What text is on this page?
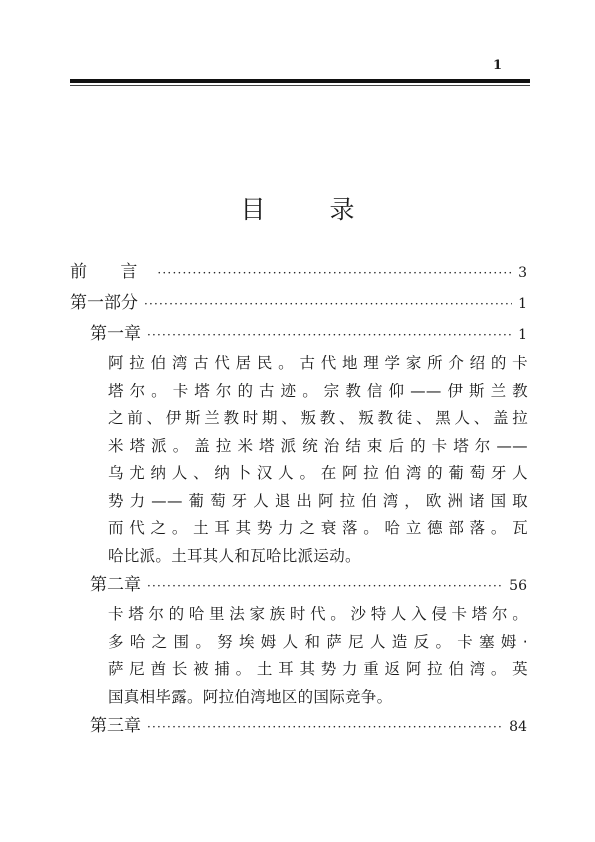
1
目 录
前 言 ·····	3
第一部分 ·····	1
第一章 ·····	1
阿拉伯湾古代居民。古代地理学家所介绍的卡
塔尔。卡塔尔的古迹。宗教信仰——伊斯兰教
之前、伊斯兰教时期、叛教、叛教徒、黑人、盖拉
米塔派。盖拉米塔派统治结束后的卡塔尔——
乌尤纳人、纳卜汉人。在阿拉伯湾的葡萄牙人
势力——葡萄牙人退出阿拉伯湾，欧洲诸国取
而代之。土耳其势力之衰落。哈立德部落。瓦
哈比派。土耳其人和瓦哈比派运动。
第二章 ·····	56
卡塔尔的哈里法家族时代。沙特人入侵卡塔尔。
多哈之围。努埃姆人和萨尼人造反。卡塞姆·
萨尼酋长被捕。土耳其势力重返阿拉伯湾。英
国真相毕露。阿拉伯湾地区的国际竞争。
第三章 ·····	84
